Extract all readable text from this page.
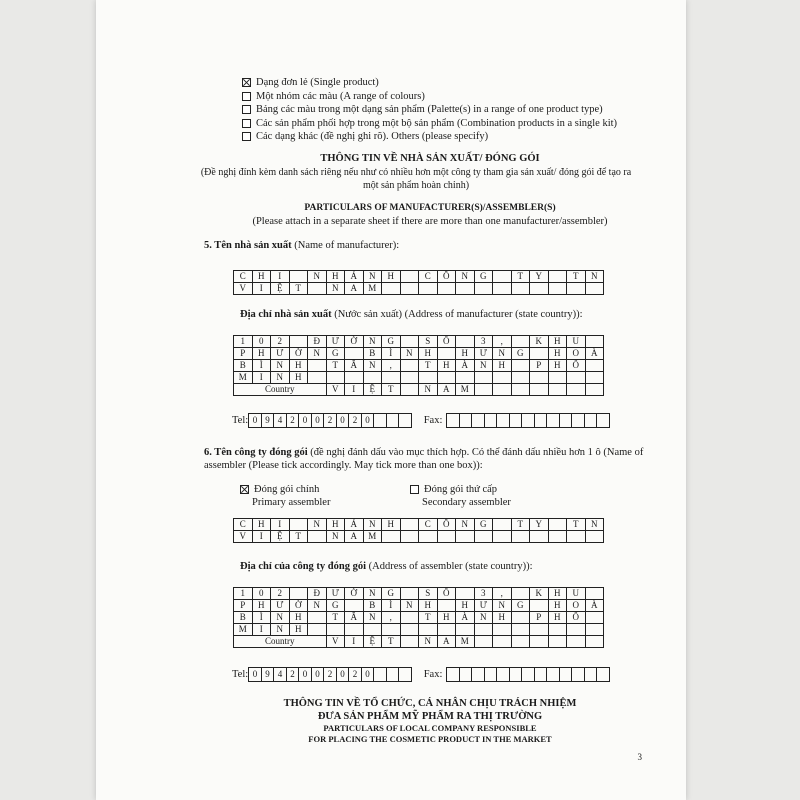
Dạng đơn lẻ (Single product)
Một nhóm các màu (A range of colours)
Bảng các màu trong một dạng sản phẩm (Palette(s) in a range of one product type)
Các sản phẩm phối hợp trong một bộ sản phẩm (Combination products in a single kit)
Các dạng khác (đề nghị ghi rõ). Others (please specify)
THÔNG TIN VỀ NHÀ SẢN XUẤT/ ĐÓNG GÓI
(Đề nghị đính kèm danh sách riêng nếu như có nhiều hơn một công ty tham gia sản xuất/ đóng gói để tạo ra một sản phẩm hoàn chỉnh)
PARTICULARS OF MANUFACTURER(S)/ASSEMBLER(S)
(Please attach in a separate sheet if there are more than one manufacturer/assembler)
5. Tên nhà sản xuất (Name of manufacturer):
C	H	I	N	H	Á	N	H	C	Ô	N	G	T	Y	T	N
V	I	Ệ	T	N	A	M
Địa chỉ nhà sản xuất (Nước sản xuất) (Address of manufacturer (state country)):
1	0	2	Đ	Ư	Ờ	N	G	S	Ố	3	,	K	H	U
P	H	Ư	Ờ	N	G	B	Ì	N	H	H	Ư	N	G	H	O	À
B	Ì	N	H	T	Â	N	,	T	H	À	N	H	P	H	Ố
M	I	N	H
Country	V	I	Ệ	T	N	A	M
Tel: 0 9 4 2 0 0 2 0 2 0	Fax:
6. Tên công ty đóng gói (đề nghị đánh dấu vào mục thích hợp. Có thể đánh dấu nhiều hơn 1 ô (Name of assembler (Please tick accordingly. May tick more than one box)):
Đóng gói chính
Primary assembler
Đóng gói thứ cấp
Secondary assembler
C	H	I	N	H	Á	N	H	C	Ô	N	G	T	Y	T	N
V	I	Ệ	T	N	A	M
Địa chỉ của công ty đóng gói (Address of assembler (state country)):
1	0	2	Đ	Ư	Ờ	N	G	S	Ố	3	,	K	H	U
P	H	Ư	Ờ	N	G	B	Ì	N	H	H	Ư	N	G	H	O	À
B	Ì	N	H	T	Â	N	,	T	H	À	N	H	P	H	Ố
M	I	N	H
Country	V	I	Ệ	T	N	A	M
Tel: 0 9 4 2 0 0 2 0 2 0	Fax:
THÔNG TIN VỀ TỔ CHỨC, CÁ NHÂN CHỊU TRÁCH NHIỆM
ĐƯA SẢN PHẨM MỸ PHẨM RA THỊ TRƯỜNG
PARTICULARS OF LOCAL COMPANY RESPONSIBLE
FOR PLACING THE COSMETIC PRODUCT IN THE MARKET
3
